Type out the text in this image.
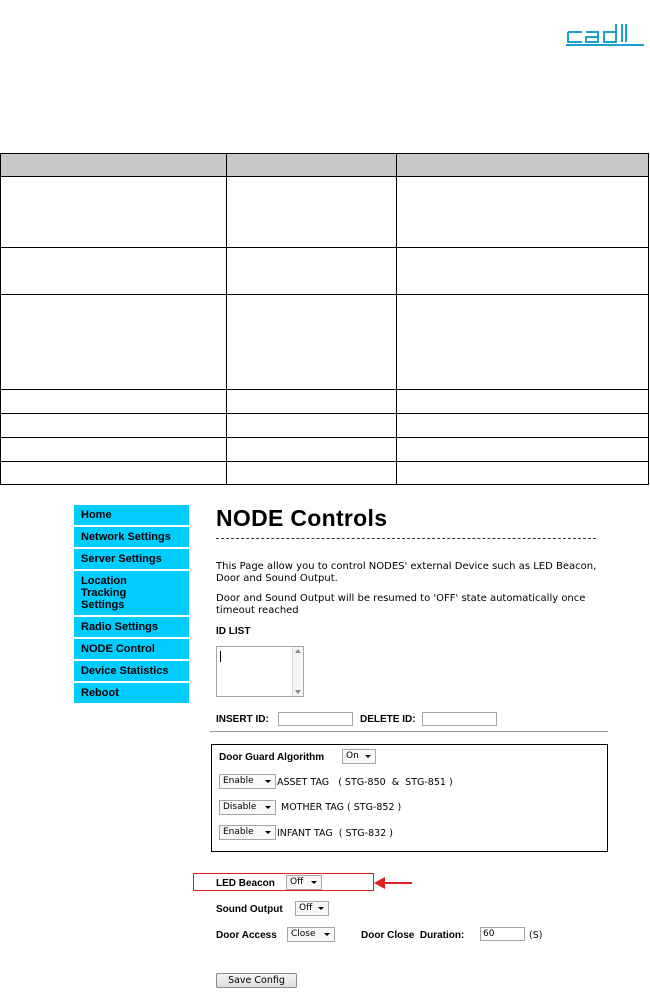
Home
Network Settings
Server Settings
Location Tracking Settings
Radio Settings
NODE Control
Device Statistics
Reboot
NODE Controls
This Page allow you to control NODES' external Device such as LED Beacon, Door and Sound Output.
Door and Sound Output will be resumed to 'OFF' state automatically once timeout reached
ID LIST
INSERT ID:	DELETE ID:
Door Guard Algorithm	On
Enable	ASSET TAG   ( STG-850  &  STG-851 )
Disable	MOTHER TAG ( STG-852 )
Enable	INFANT TAG  ( STG-832 )
LED Beacon	Off
Sound Output	Off
Door Access	Close	Door Close  Duration:	60	(S)
Save Config
